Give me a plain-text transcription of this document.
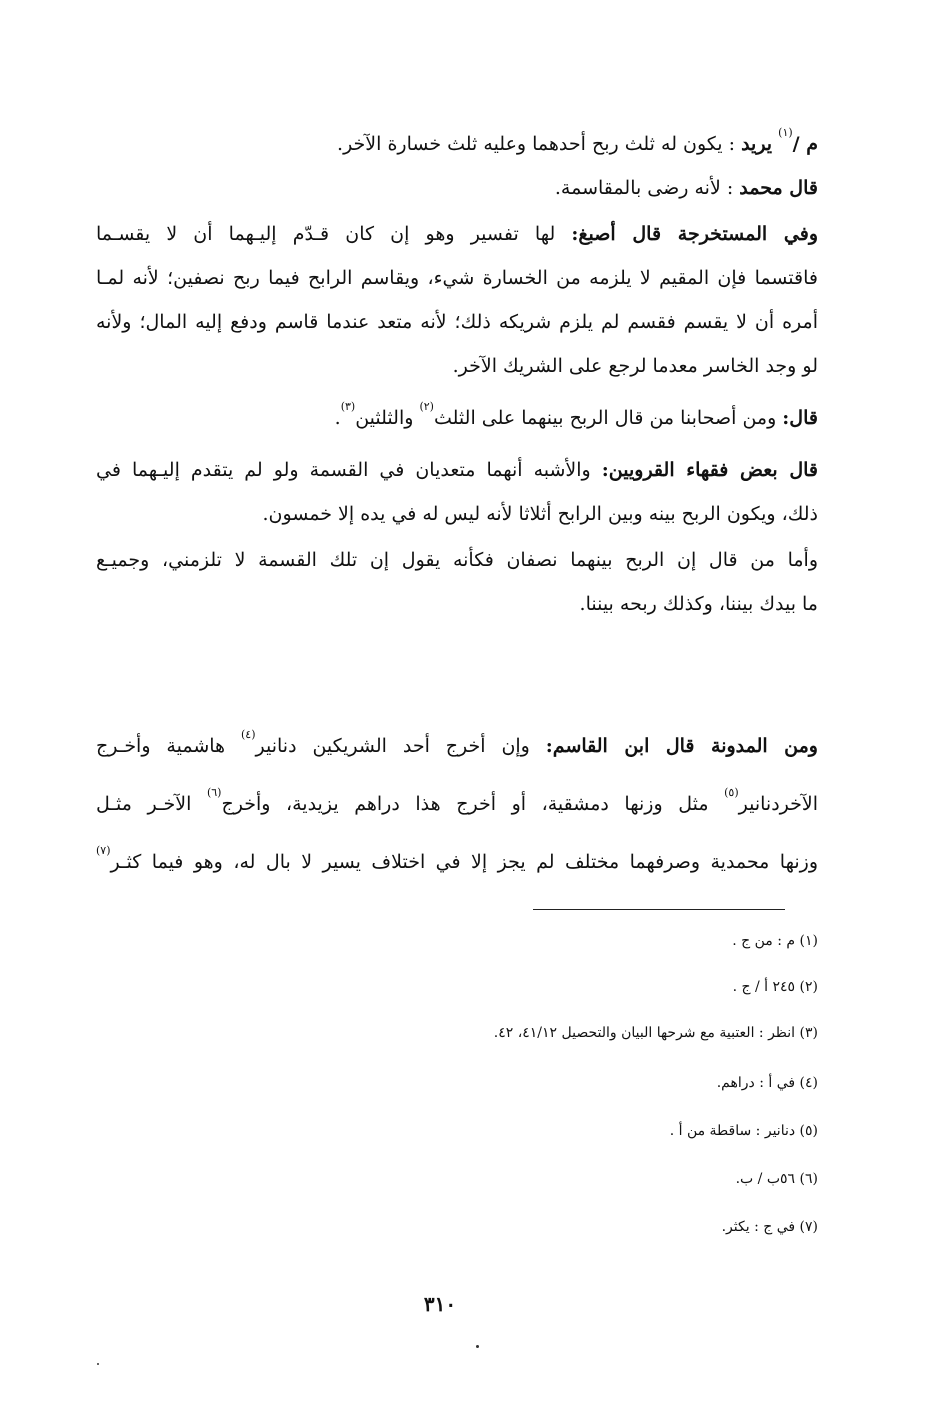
م /$^{(١)}$ يريد : يكون له ثلث ربح أحدهما وعليه ثلث خسارة الآخر.
قال محمد : لأنه رضى بالمقاسمة.
وفي المستخرجة قال أصبغ: لها تفسير وهو إن كان قـدّم إليـهما أن لا يقسـما
فاقتسما فإن المقيم لا يلزمه من الخسارة شيء، ويقاسم الرابح فيما ربح نصفين؛ لأنه لمـا
أمره أن لا يقسم فقسم لم يلزم شريكه ذلك؛ لأنه متعد عندما قاسم ودفع إليه المال؛ ولأنه
لو وجد الخاسر معدما لرجع على الشريك الآخر.
قال: ومن أصحابنا من قال الربح بينهما على الثلث$^{(٢)}$ والثلثين$^{(٣)}$.
قال بعض فقهاء القرويين: والأشبه أنهما متعديان في القسمة ولو لم يتقدم إليـهما في
ذلك، ويكون الربح بينه وبين الرابح أثلاثا لأنه ليس له في يده إلا خمسون.
وأما من قال إن الربح بينهما نصفان فكأنه يقول إن تلك القسمة لا تلزمني، وجميـع
ما بيدك بيننا، وكذلك ربحه بيننا.
ومن المدونة قال ابن القاسم: وإن أخرج أحد الشريكين دنانير$^{(٤)}$ هاشمية وأخـرج
الآخردنانير$^{(٥)}$ مثل وزنها دمشقية، أو أخرج هذا دراهم يزيدية، وأخرج$^{(٦)}$ الآخـر مثـل
وزنها محمدية وصرفهما مختلف لم يجز إلا في اختلاف يسير لا بال له، وهو فيما كثـر$^{(٧)}$
(١) م : من ج .
(٢) ٢٤٥ أ / ج .
(٣) انظر : العتبية مع شرحها البيان والتحصيل ٤١/١٢، ٤٢.
(٤) في أ : دراهم.
(٥) دنانير : ساقطة من أ .
(٦) ٥٦ب / ب.
(٧) في ج : يكثر.
٣١٠
